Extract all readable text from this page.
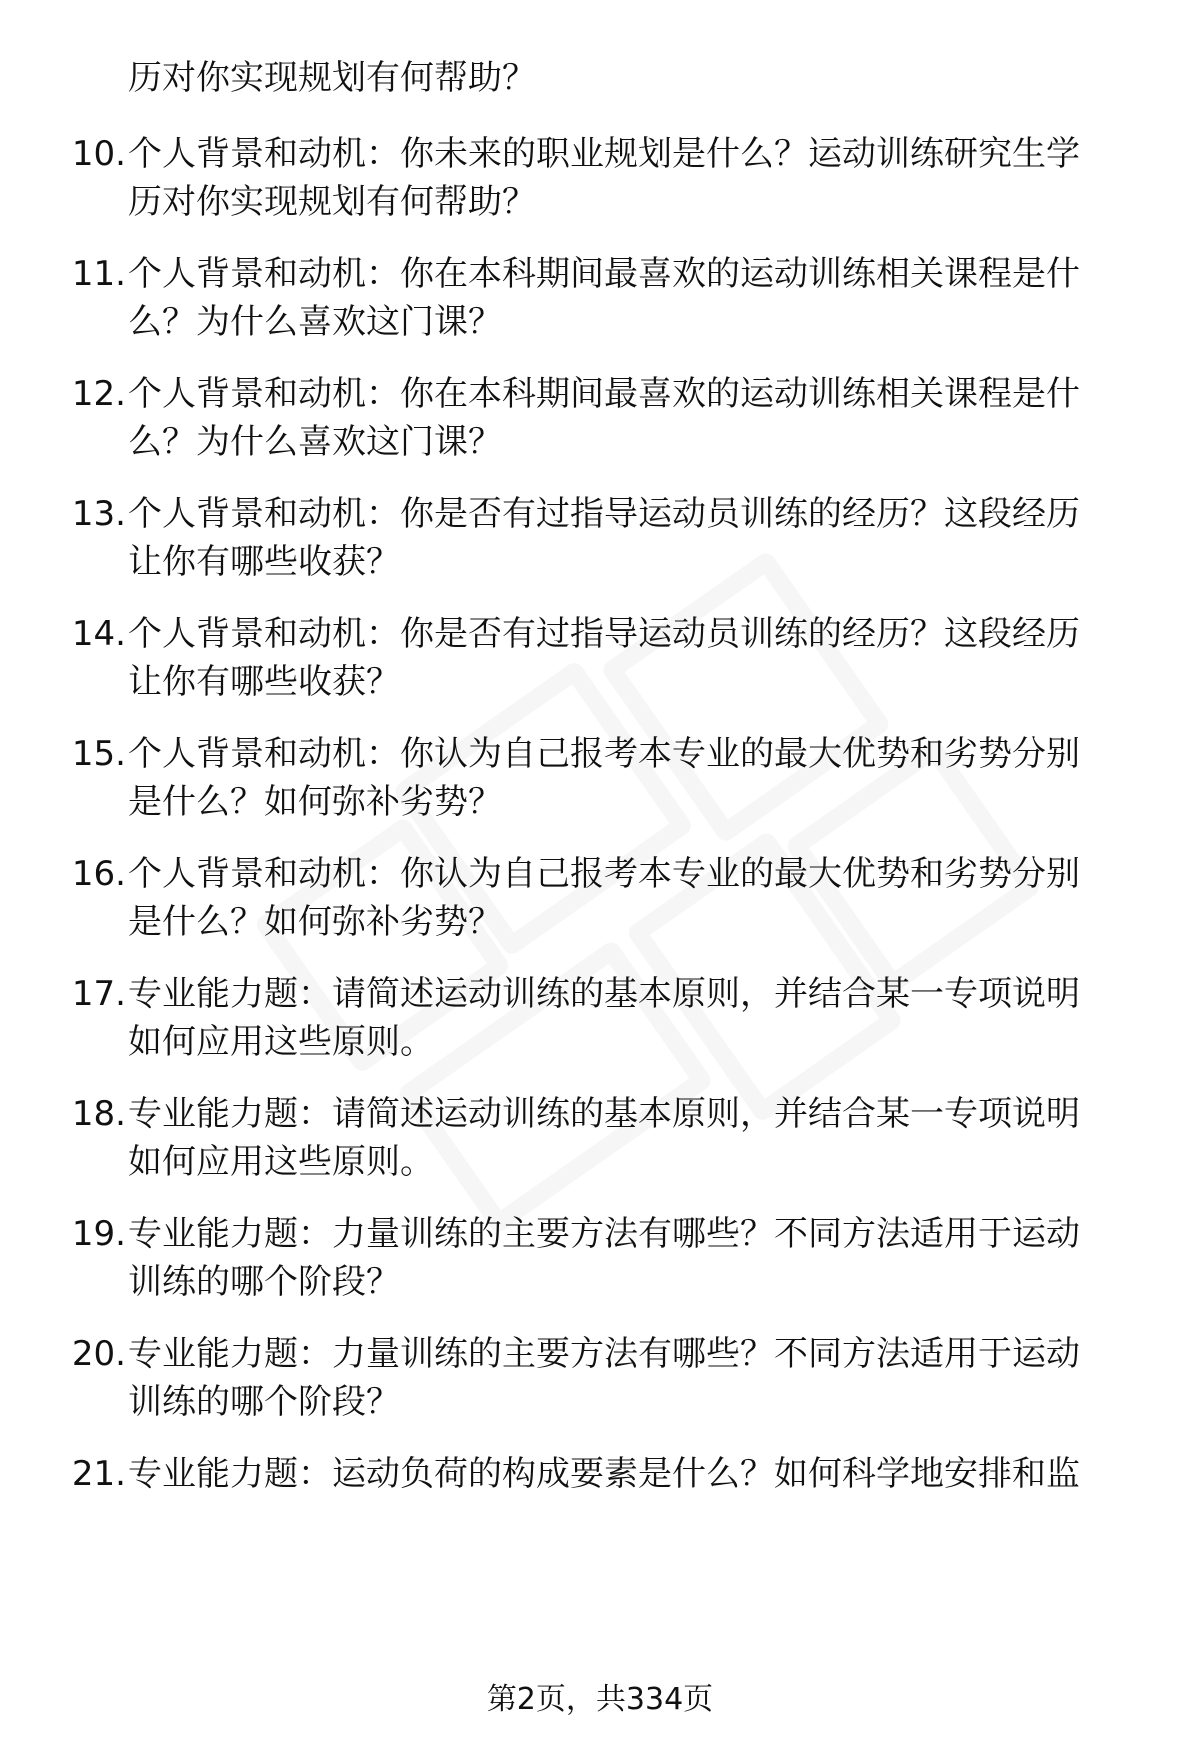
历对你实现规划有何帮助？
10. 个人背景和动机：你未来的职业规划是什么？运动训练研究生学
历对你实现规划有何帮助？
11. 个人背景和动机：你在本科期间最喜欢的运动训练相关课程是什
么？为什么喜欢这门课？
12. 个人背景和动机：你在本科期间最喜欢的运动训练相关课程是什
么？为什么喜欢这门课？
13. 个人背景和动机：你是否有过指导运动员训练的经历？这段经历
让你有哪些收获？
14. 个人背景和动机：你是否有过指导运动员训练的经历？这段经历
让你有哪些收获？
15. 个人背景和动机：你认为自己报考本专业的最大优势和劣势分别
是什么？如何弥补劣势？
16. 个人背景和动机：你认为自己报考本专业的最大优势和劣势分别
是什么？如何弥补劣势？
17. 专业能力题：请简述运动训练的基本原则，并结合某一专项说明
如何应用这些原则。
18. 专业能力题：请简述运动训练的基本原则，并结合某一专项说明
如何应用这些原则。
19. 专业能力题：力量训练的主要方法有哪些？不同方法适用于运动
训练的哪个阶段？
20. 专业能力题：力量训练的主要方法有哪些？不同方法适用于运动
训练的哪个阶段？
21. 专业能力题：运动负荷的构成要素是什么？如何科学地安排和监
第2页，共334页
